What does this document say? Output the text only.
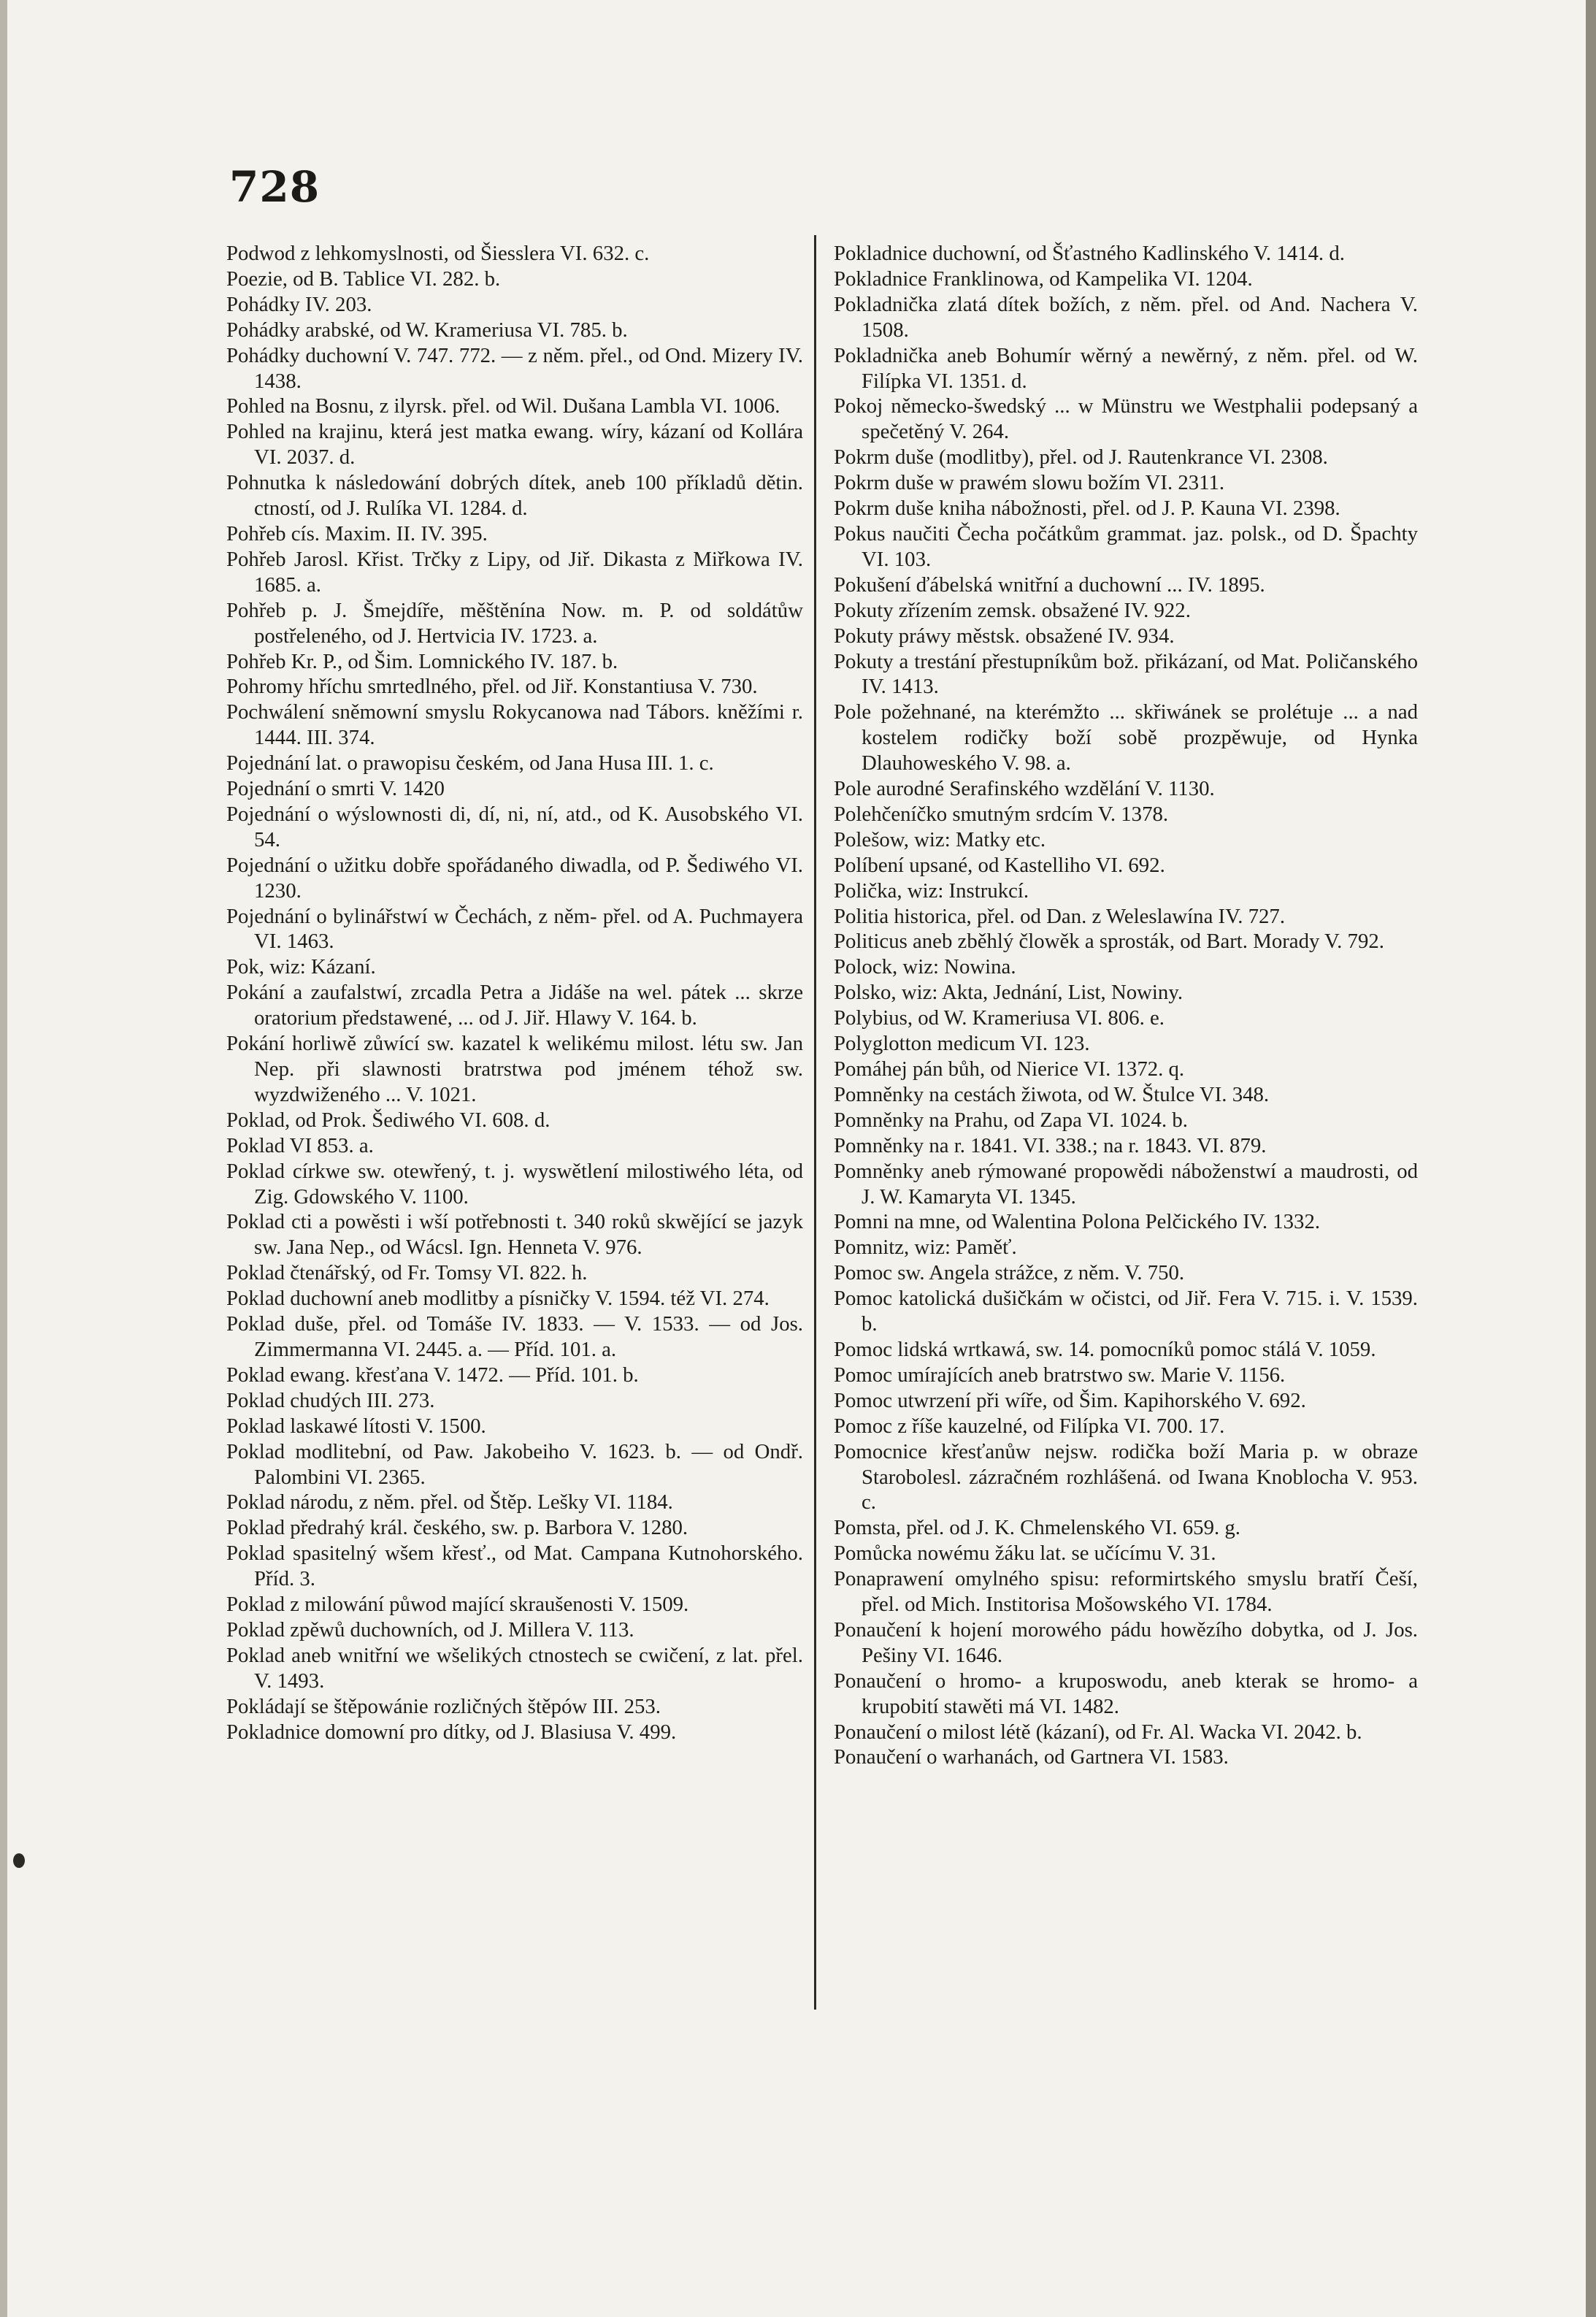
728
Podwod z lehkomyslnosti, od Šiesslera VI. 632. c.
Poezie, od B. Tablice VI. 282. b.
Pohádky IV. 203.
Pohádky arabské, od W. Krameriusa VI. 785. b.
Pohádky duchowní V. 747. 772. — z něm. přel., od Ond. Mizery IV. 1438.
Pohled na Bosnu, z ilyrsk. přel. od Wil. Dušana Lambla VI. 1006.
Pohled na krajinu, která jest matka ewang. wíry, kázaní od Kollára VI. 2037. d.
Pohnutka k následowání dobrých dítek, aneb 100 příkladů dětin. ctností, od J. Rulíka VI. 1284. d.
Pohřeb cís. Maxim. II. IV. 395.
Pohřeb Jarosl. Křist. Trčky z Lipy, od Jiř. Dikasta z Miřkowa IV. 1685. a.
Pohřeb p. J. Šmejdíře, měštěnína Now. m. P. od soldátůw postřeleného, od J. Hertvicia IV. 1723. a.
Pohřeb Kr. P., od Šim. Lomnického IV. 187. b.
Pohromy hříchu smrtedlného, přel. od Jiř. Konstantiusa V. 730.
Pochwálení sněmowní smyslu Rokycanowa nad Tábors. kněžími r. 1444. III. 374.
Pojednání lat. o prawopisu českém, od Jana Husa III. 1. c.
Pojednání o smrti V. 1420
Pojednání o wýslownosti di, dí, ni, ní, atd., od K. Ausobského VI. 54.
Pojednání o užitku dobře spořádaného diwadla, od P. Šediwého VI. 1230.
Pojednání o bylinářstwí w Čechách, z něm- přel. od A. Puchmayera VI. 1463.
Pok, wiz: Kázaní.
Pokání a zaufalstwí, zrcadla Petra a Jidáše na wel. pátek ... skrze oratorium předstawené, ... od J. Jiř. Hlawy V. 164. b.
Pokání horliwě zůwící sw. kazatel k welikému milost. létu sw. Jan Nep. při slawnosti bratrstwa pod jménem téhož sw. wyzdwiženého ... V. 1021.
Poklad, od Prok. Šediwého VI. 608. d.
Poklad VI 853. a.
Poklad církwe sw. otewřený, t. j. wyswětlení milostiwého léta, od Zig. Gdowského V. 1100.
Poklad cti a powěsti i wší potřebnosti t. 340 roků skwějící se jazyk sw. Jana Nep., od Wácsl. Ign. Henneta V. 976.
Poklad čtenářský, od Fr. Tomsy VI. 822. h.
Poklad duchowní aneb modlitby a písničky V. 1594. též VI. 274.
Poklad duše, přel. od Tomáše IV. 1833. — V. 1533. — od Jos. Zimmermanna VI. 2445. a. — Příd. 101. a.
Poklad ewang. křesťana V. 1472. — Příd. 101. b.
Poklad chudých III. 273.
Poklad laskawé lítosti V. 1500.
Poklad modlitební, od Paw. Jakobeiho V. 1623. b. — od Ondř. Palombini VI. 2365.
Poklad národu, z něm. přel. od Štěp. Lešky VI. 1184.
Poklad předrahý král. českého, sw. p. Barbora V. 1280.
Poklad spasitelný wšem křesť., od Mat. Campana Kutnohorského. Příd. 3.
Poklad z milowání půwod mající skraušenosti V. 1509.
Poklad zpěwů duchowních, od J. Millera V. 113.
Poklad aneb wnitřní we wšelikých ctnostech se cwičení, z lat. přel. V. 1493.
Pokládají se štěpowánie rozličných štěpów III. 253.
Pokladnice domowní pro dítky, od J. Blasiusa V. 499.
Pokladnice duchowní, od Šťastného Kadlinského V. 1414. d.
Pokladnice Franklinowa, od Kampelika VI. 1204.
Pokladnička zlatá dítek božích, z něm. přel. od And. Nachera V. 1508.
Pokladnička aneb Bohumír wěrný a newěrný, z něm. přel. od W. Filípka VI. 1351. d.
Pokoj německo-šwedský ... w Münstru we Westphalii podepsaný a spečetěný V. 264.
Pokrm duše (modlitby), přel. od J. Rautenkrance VI. 2308.
Pokrm duše w prawém slowu božím VI. 2311.
Pokrm duše kniha nábožnosti, přel. od J. P. Kauna VI. 2398.
Pokus naučiti Čecha počátkům grammat. jaz. polsk., od D. Špachty VI. 103.
Pokušení ďábelská wnitřní a duchowní ... IV. 1895.
Pokuty zřízením zemsk. obsažené IV. 922.
Pokuty práwy městsk. obsažené IV. 934.
Pokuty a trestání přestupníkům bož. přikázaní, od Mat. Poličanského IV. 1413.
Pole požehnané, na kterémžto ... skřiwánek se prolétuje ... a nad kostelem rodičky boží sobě prozpěwuje, od Hynka Dlauhoweského V. 98. a.
Pole aurodné Serafinského wzdělání V. 1130.
Polehčeníčko smutným srdcím V. 1378.
Polešow, wiz: Matky etc.
Políbení upsané, od Kastelliho VI. 692.
Polička, wiz: Instrukcí.
Politia historica, přel. od Dan. z Weleslawína IV. 727.
Politicus aneb zběhlý člowěk a sprosták, od Bart. Morady V. 792.
Polock, wiz: Nowina.
Polsko, wiz: Akta, Jednání, List, Nowiny.
Polybius, od W. Krameriusa VI. 806. e.
Polyglotton medicum VI. 123.
Pomáhej pán bůh, od Nierice VI. 1372. q.
Pomněnky na cestách žiwota, od W. Štulce VI. 348.
Pomněnky na Prahu, od Zapa VI. 1024. b.
Pomněnky na r. 1841. VI. 338.; na r. 1843. VI. 879.
Pomněnky aneb rýmowané propowědi náboženstwí a maudrosti, od J. W. Kamaryta VI. 1345.
Pomni na mne, od Walentina Polona Pelčického IV. 1332.
Pomnitz, wiz: Paměť.
Pomoc sw. Angela strážce, z něm. V. 750.
Pomoc katolická dušičkám w očistci, od Jiř. Fera V. 715. i. V. 1539. b.
Pomoc lidská wrtkawá, sw. 14. pomocníků pomoc stálá V. 1059.
Pomoc umírajících aneb bratrstwo sw. Marie V. 1156.
Pomoc utwrzení při wíře, od Šim. Kapihorského V. 692.
Pomoc z říše kauzelné, od Filípka VI. 700. 17.
Pomocnice křesťanůw nejsw. rodička boží Maria p. w obraze Starobolesl. zázračném rozhlášená. od Iwana Knoblocha V. 953. c.
Pomsta, přel. od J. K. Chmelenského VI. 659. g.
Pomůcka nowému žáku lat. se učícímu V. 31.
Ponaprawení omylného spisu: reformirtského smyslu bratří Češí, přel. od Mich. Institorisa Mošowského VI. 1784.
Ponaučení k hojení morowého pádu howězího dobytka, od J. Jos. Pešiny VI. 1646.
Ponaučení o hromo- a kruposwodu, aneb kterak se hromo- a krupobití stawěti má VI. 1482.
Ponaučení o milost létě (kázaní), od Fr. Al. Wacka VI. 2042. b.
Ponaučení o warhanách, od Gartnera VI. 1583.
